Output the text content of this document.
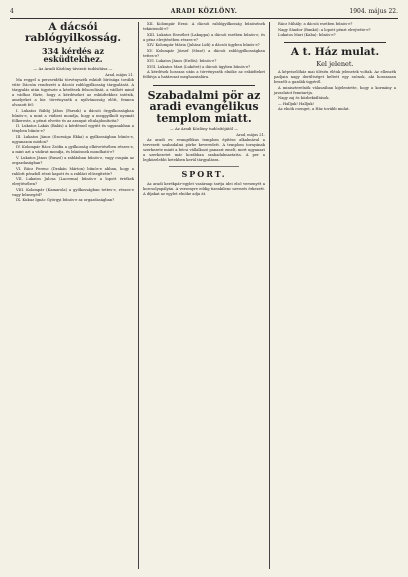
4	ARADI KÖZLÖNY.	1904. május 22.

A dácsói rablógyilkosság.

334 kérdés az esküdtekhez.

— Az Aradi Közlöny távirati tudósítása —

Arad, május 21.

Ma reggel a perzsvidéki törvényszék esküdt bírósága tovább vitte Dácsón rendezett a dácsói rablógyilkosság tárgyalását. A tárgyalás után tigyészte a kérdések felsorolását, a vádlott mind a vádhoz fűzte, hogy a kérdéseket az esküdtekhez intézik, amelyeket a kir. törvényszék a nyilvánosság előtt, fennen olvasott fel:

I. Lukatos Rábbj Jábos (Farszk) a dácsói őrgyilkosságban bűnös-e, a mint a vádirat mondja, hogy a meggyilkolt nyomát fölkereste, a pénzt elvette és az aranyat eltulajdonította?

II. Lukatos Lakás (Balás) a kérdéssel együtt és ugyanabban a tényben bűnös-e?

III. Lukatos János (Szorsága Ekka) a gyilkosságban bűnös-e, ugyanazon módon?

IV. Kolompár Rácz Zsófia a gyilkosság elkövetésében részes-e, a mint azt a vádirat mondja, és bűnösnek mondható-e?

V. Lukatos János (Ruszó) a rablásban bűnös-e, vagy csupán az orgazdaságban?

VI. Rácz Ferenc (Drakán Márton) bűnös-e abban, hogy a rablott pénzből részt kapott és a rablást elősegítette?

VII. Lukatos Julcsa (Lacerma) bűnös-e a lopott értékek elrejtésében?

VIII. Kolompár (Kamarola) a gyilkosságban tettes-e, részes-e vagy bűnsegéd?

IX. Kukuz Ignác Györgyi bűnös-e az orgazdaságban?

XII. Kolompár Erzsi: A dácsói rablógyilkosság bűnösének tekintendő-e?

XIII. Lukatos Erzsébet (Lakuppa) a dácsói esetben bűnös-e, és a pénz elrejtésében részes-e?

XIV. Kolompár Mária (Juhász Lidi) a dácsói ügyben bűnös-e?

XV. Kolompár József (Musé) a dácsói rablógyilkosságban tettes-e?

XVI. Lukatos János (Erdős): bűnös-e?

XVII. Lukatos Mari (Lukótet) a dácsói ügyben bűnös-e?

A kérdések hosszas után a törvényszék elnöke az esküdteket felhívja a határozat meghozatalára.

Szabadalmi pör az aradi evangélikus templom miatt.

— Az Aradi Közlöny tudósítójától —

Arad, május 21.

Az aradi ev. evangélikus templom építése alkalmával a tervezett szabadalmi pörbe keveredett. A templom tornyának szerkezete miatt a bécsi vállalkozó panaszt emelt, mert ugyanazt a szerkezetet már korábban szabadalmaztatta. A per a legközelebbi hetekben kerül tárgyalásra.

SPORT.

Az aradi kerékpár-egylet vasárnap tartja idei első versenyét a korcsolyapályán. A versenyre eddig tizenkilenc nevezés érkezett. A díjakat az egylet elnöke adja át.

Rácz Mihály: a dácsói esetben bűnös-e?

Nagy Sándor (Bunkó): a lopott pénzt elrejtette-e?

Lukatos Mari (Kaba): bűnös-e?

A t. Ház mulat.

Kel jelenet.

A képviselőház mai ülésén élénk jelenetek voltak. Az ellenzék padjain nagy derültséget keltett egy szónok, aki hosszasan beszélt a gazdák ügyéről.

A miniszterelnök válaszában kijelentette, hogy a kormány a javaslatot fenntartja.

Nagy zaj és közbekiáltások.

— Halljuk! Halljuk!

Az elnök csenget, a Ház tovább mulat.
